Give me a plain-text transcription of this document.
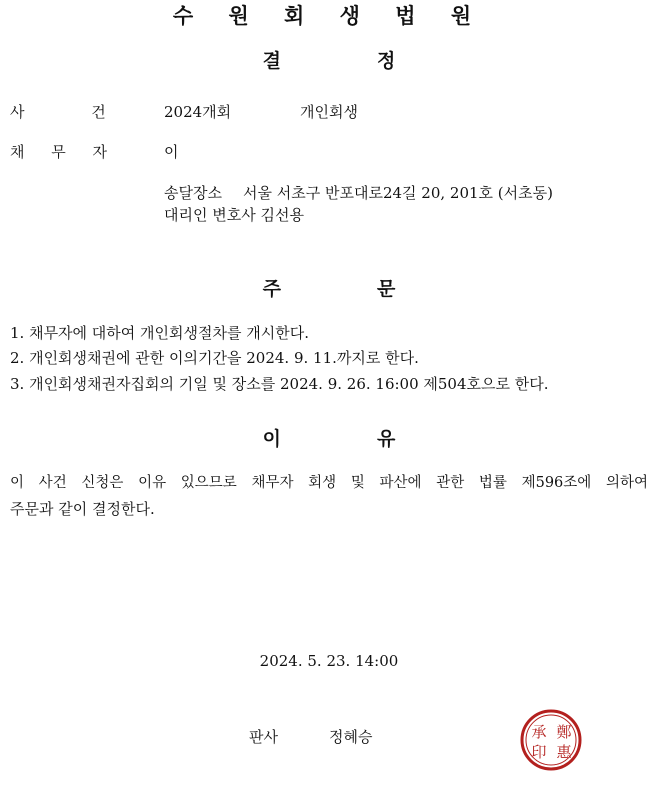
수 원 회 생 법 원
결	정
사 건	2024개회	개인회생
채 무 자	이
송달장소 서울 서초구 반포대로24길 20, 201호 (서초동)
대리인 변호사 김선용
주	문
1. 채무자에 대하여 개인회생절차를 개시한다.
2. 개인회생채권에 관한 이의기간을 2024. 9. 11.까지로 한다.
3. 개인회생채권자집회의 기일 및 장소를 2024. 9. 26. 16:00 제504호으로 한다.
이	유
이 사건 신청은 이유 있으므로 채무자 회생 및 파산에 관한 법률 제596조에 의하여
주문과 같이 결정한다.
2024. 5. 23. 14:00
판사	정혜승	鄭
惠
承
印
